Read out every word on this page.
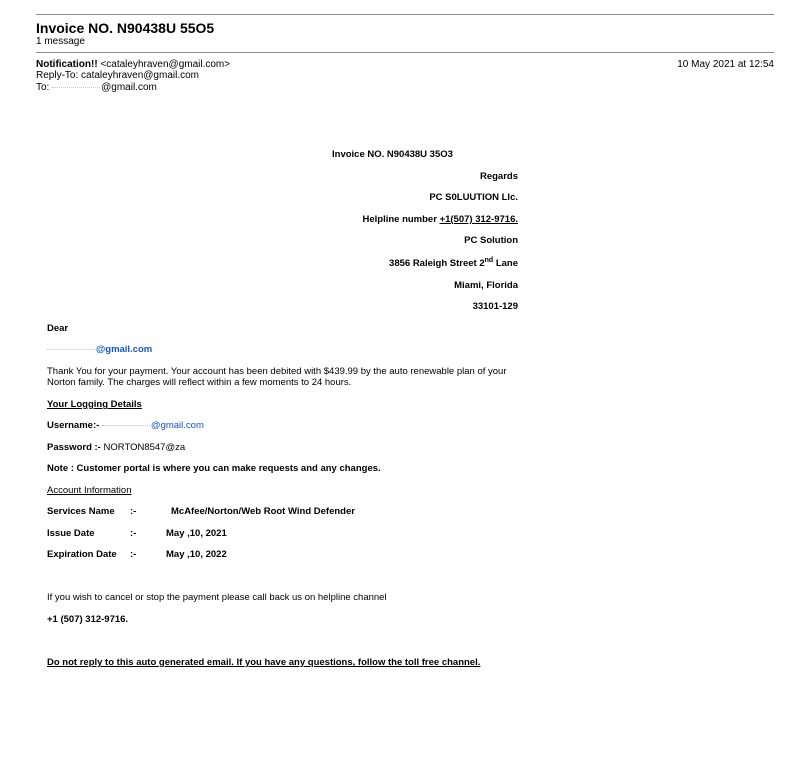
Invoice NO. N90438U 55O5
1 message
Notification!! <cataleyhraven@gmail.com>	10 May 2021 at 12:54
Reply-To: cataleyhraven@gmail.com
To:	@gmail.com
Invoice NO. N90438U 35O3
Regards
PC S0LUUTION Llc.
Helpline number +1(507) 312-9716.
PC Solution
3856 Raleigh Street 2nd Lane
Miami, Florida
33101-129
Dear
@gmail.com
Thank You for your payment. Your account has been debited with $439.99 by the auto renewable plan of your Norton family. The charges will reflect within a few moments to 24 hours.
Your Logging Details
Username:-	@gmail.com
Password :- NORTON8547@za
Note : Customer portal is where you can make requests and any changes.
Account Information
Services Name :-	McAfee/Norton/Web Root Wind Defender
Issue Date	:-	May ,10, 2021
Expiration Date :-	May ,10, 2022
If you wish to cancel or stop the payment please call back us on helpline channel
+1 (507) 312-9716.
Do not reply to this auto generated email. If you have any questions, follow the toll free channel.
